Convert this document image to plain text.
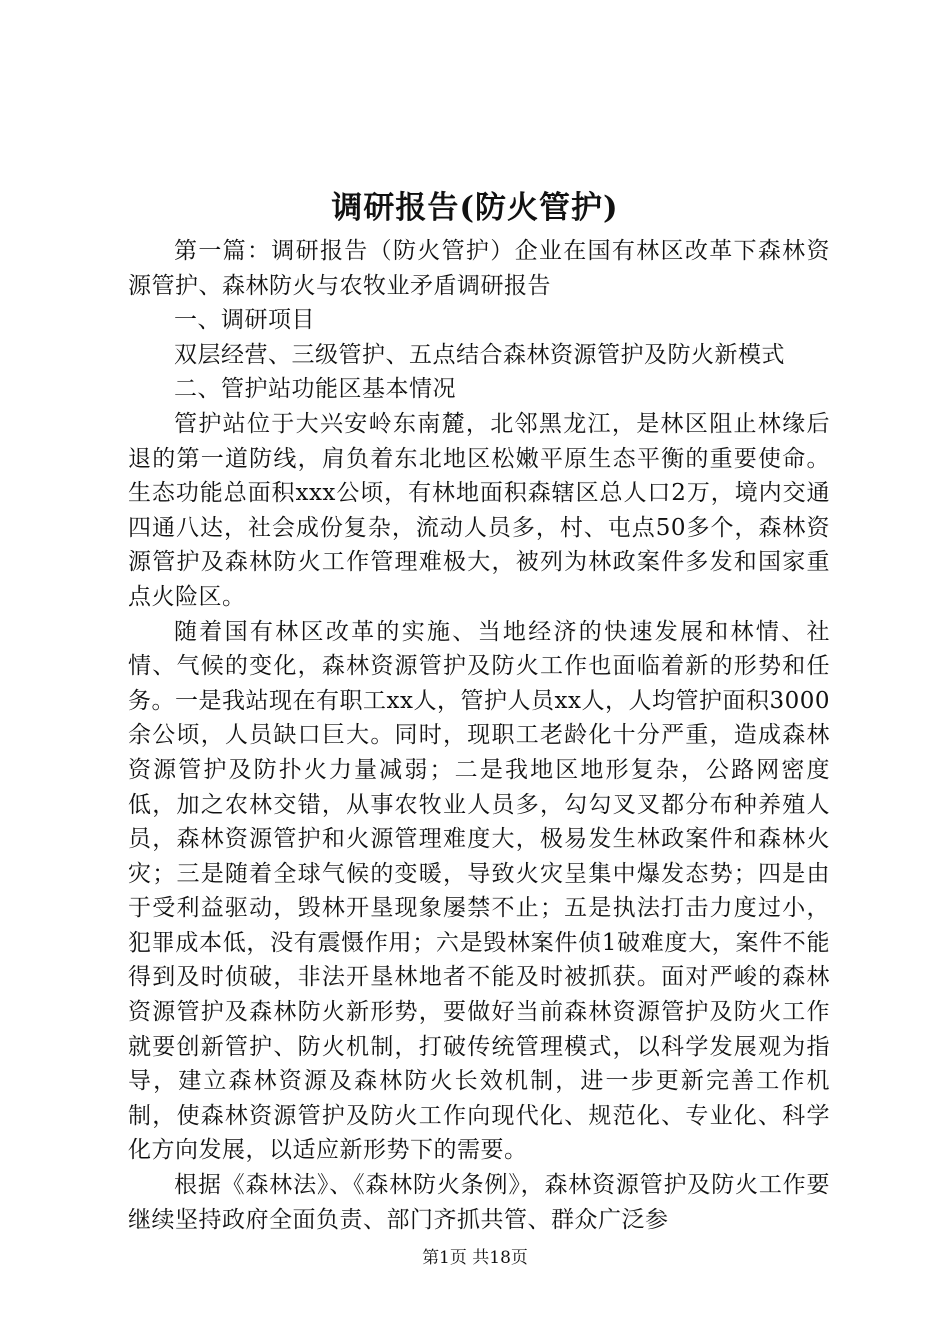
调研报告(防火管护)

第一篇：调研报告（防火管护）企业在国有林区改革下森林资源管护、森林防火与农牧业矛盾调研报告

一、调研项目

双层经营、三级管护、五点结合森林资源管护及防火新模式

二、管护站功能区基本情况

管护站位于大兴安岭东南麓，北邻黑龙江，是林区阻止林缘后退的第一道防线，肩负着东北地区松嫩平原生态平衡的重要使命。生态功能总面积xxx公顷，有林地面积森辖区总人口2万，境内交通四通八达，社会成份复杂，流动人员多，村、屯点50多个，森林资源管护及森林防火工作管理难极大，被列为林政案件多发和国家重点火险区。

随着国有林区改革的实施、当地经济的快速发展和林情、社情、气候的变化，森林资源管护及防火工作也面临着新的形势和任务。一是我站现在有职工xx人，管护人员xx人，人均管护面积3000余公顷，人员缺口巨大。同时，现职工老龄化十分严重，造成森林资源管护及防扑火力量减弱；二是我地区地形复杂，公路网密度低，加之农林交错，从事农牧业人员多，勾勾叉叉都分布种养殖人员，森林资源管护和火源管理难度大，极易发生林政案件和森林火灾；三是随着全球气候的变暖，导致火灾呈集中爆发态势；四是由于受利益驱动，毁林开垦现象屡禁不止；五是执法打击力度过小，犯罪成本低，没有震慑作用；六是毁林案件侦1破难度大，案件不能得到及时侦破，非法开垦林地者不能及时被抓获。面对严峻的森林资源管护及森林防火新形势，要做好当前森林资源管护及防火工作就要创新管护、防火机制，打破传统管理模式，以科学发展观为指导，建立森林资源及森林防火长效机制，进一步更新完善工作机制，使森林资源管护及防火工作向现代化、规范化、专业化、科学化方向发展，以适应新形势下的需要。

根据《森林法》、《森林防火条例》，森林资源管护及防火工作要继续坚持政府全面负责、部门齐抓共管、群众广泛参

第1页 共18页
